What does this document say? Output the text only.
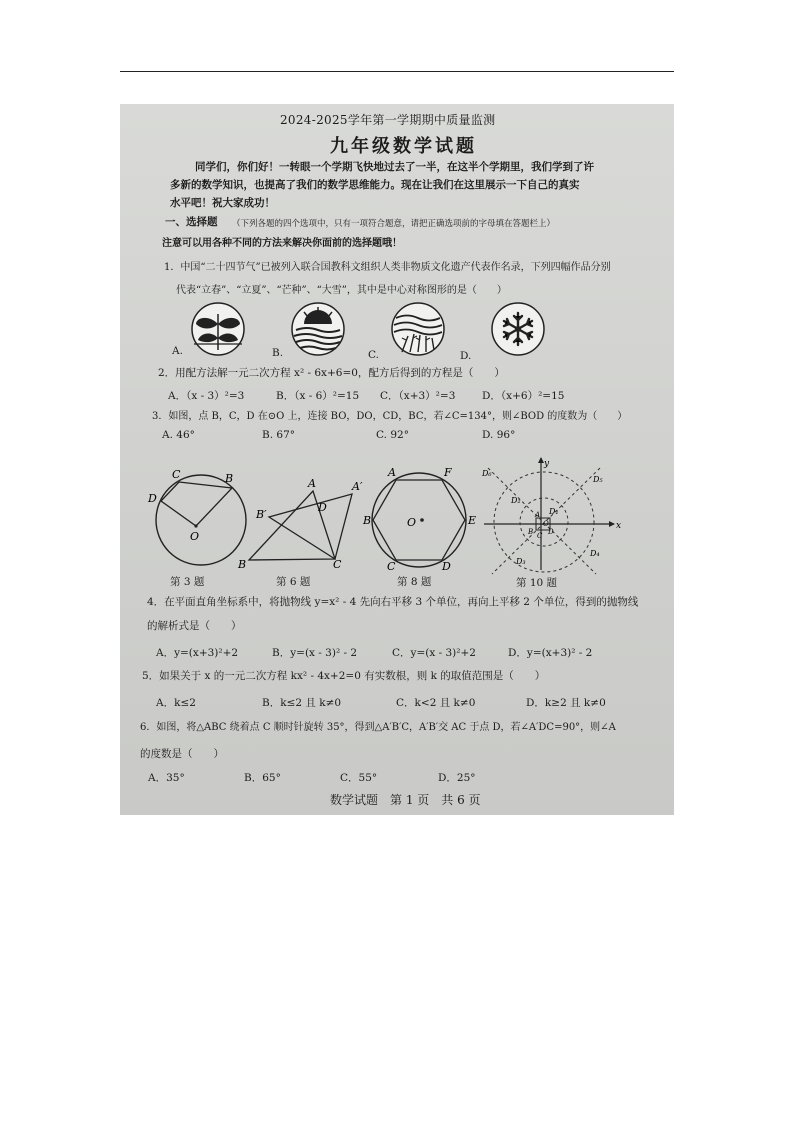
2024-2025学年第一学期期中质量监测
九年级数学试题
同学们，你们好！一转眼一个学期飞快地过去了一半，在这半个学期里，我们学到了许
多新的数学知识，也提高了我们的数学思维能力。现在让我们在这里展示一下自己的真实
水平吧！祝大家成功！
一、选择题 （下列各题的四个选项中，只有一项符合题意，请把正确选项前的字母填在答题栏上）
注意可以用各种不同的方法来解决你面前的选择题哦！
1．中国“二十四节气”已被列入联合国教科文组织人类非物质文化遗产代表作名录，下列四幅作品分别
代表“立春”、“立夏”、“芒种”、“大雪”，其中是中心对称图形的是（　　）
A.	B.	C.	D.
2．用配方法解一元二次方程 x² - 6x+6=0，配方后得到的方程是（　　）
A．（x - 3）²=3	B．（x - 6）²=15 C．（x+3）²=3	D．（x+6）²=15
3．如图，点 B，C，D 在⊙O 上，连接 BO，DO，CD，BC，若∠C=134°，则∠BOD 的度数为（　　）
A. 46°	B. 67°	C. 92°	D. 96°
C	B
D
O
A	A′
B′
D
B	C
A	F
B	E
C	D
O
y
x
D₆
D₅
D₂
D₁
O
D₄
D₃
A
B C D
第 3 题	第 6 题	第 8 题	第 10 题
4．在平面直角坐标系中，将抛物线 y=x² - 4 先向右平移 3 个单位，再向上平移 2 个单位，得到的抛物线
的解析式是（　　）
A．y=(x+3)²+2	B．y=(x - 3)² - 2	C．y=(x - 3)²+2	D．y=(x+3)² - 2
5．如果关于 x 的一元二次方程 kx² - 4x+2=0 有实数根，则 k 的取值范围是（　　）
A．k≤2	B．k≤2 且 k≠0	C．k<2 且 k≠0	D．k≥2 且 k≠0
6．如图，将△ABC 绕着点 C 顺时针旋转 35°，得到△A′B′C，A′B′交 AC 于点 D，若∠A′DC=90°，则∠A
的度数是（　　）
A．35°	B．65°	C．55°	D．25°
数学试题　第 1 页　共 6 页
